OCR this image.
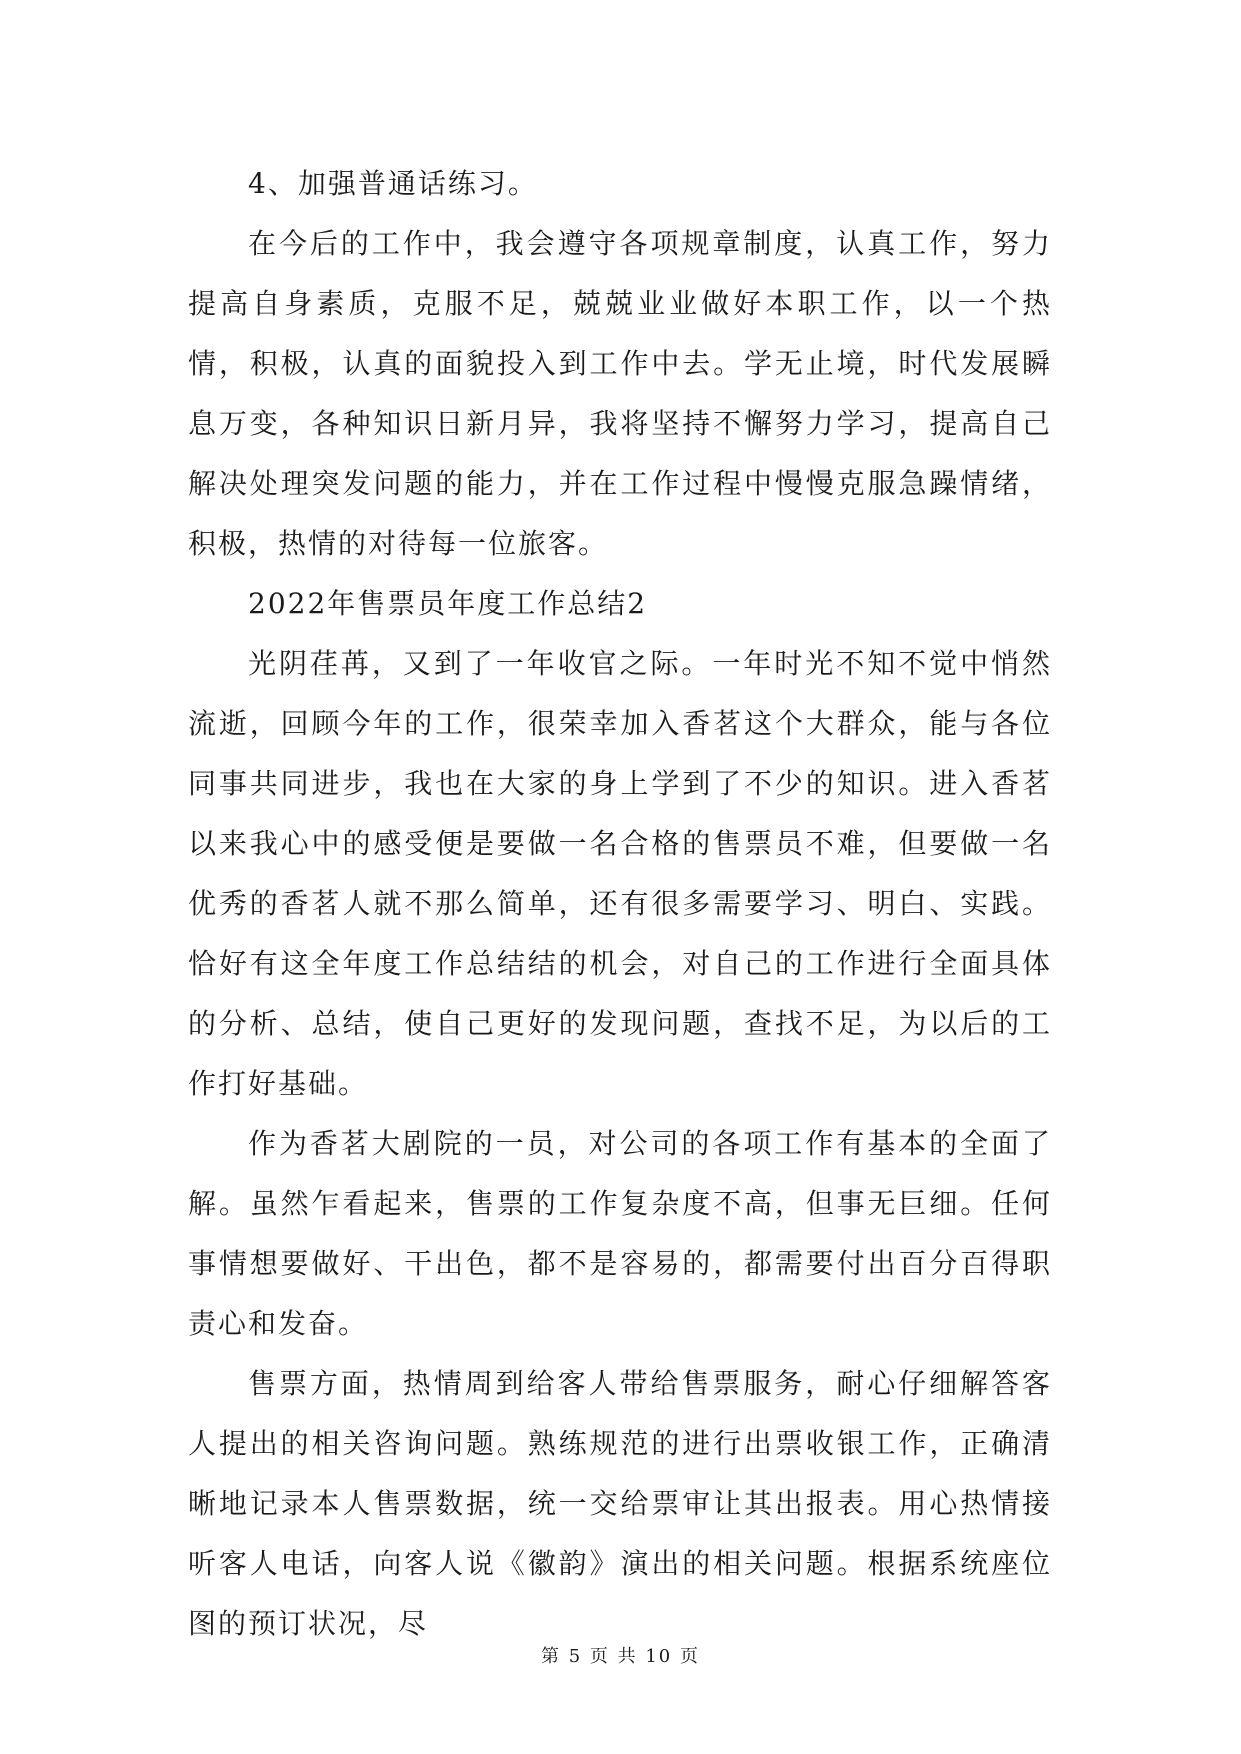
4、加强普通话练习。

在今后的工作中，我会遵守各项规章制度，认真工作，努力提高自身素质，克服不足，兢兢业业做好本职工作，以一个热情，积极，认真的面貌投入到工作中去。学无止境，时代发展瞬息万变，各种知识日新月异，我将坚持不懈努力学习，提高自己解决处理突发问题的能力，并在工作过程中慢慢克服急躁情绪，积极，热情的对待每一位旅客。

2022年售票员年度工作总结2

光阴荏苒，又到了一年收官之际。一年时光不知不觉中悄然流逝，回顾今年的工作，很荣幸加入香茗这个大群众，能与各位同事共同进步，我也在大家的身上学到了不少的知识。进入香茗以来我心中的感受便是要做一名合格的售票员不难，但要做一名优秀的香茗人就不那么简单，还有很多需要学习、明白、实践。恰好有这全年度工作总结结的机会，对自己的工作进行全面具体的分析、总结，使自己更好的发现问题，查找不足，为以后的工作打好基础。

作为香茗大剧院的一员，对公司的各项工作有基本的全面了解。虽然乍看起来，售票的工作复杂度不高，但事无巨细。任何事情想要做好、干出色，都不是容易的，都需要付出百分百得职责心和发奋。

售票方面，热情周到给客人带给售票服务，耐心仔细解答客人提出的相关咨询问题。熟练规范的进行出票收银工作，正确清晰地记录本人售票数据，统一交给票审让其出报表。用心热情接听客人电话，向客人说《徽韵》演出的相关问题。根据系统座位图的预订状况，尽

第 5 页 共 10 页
